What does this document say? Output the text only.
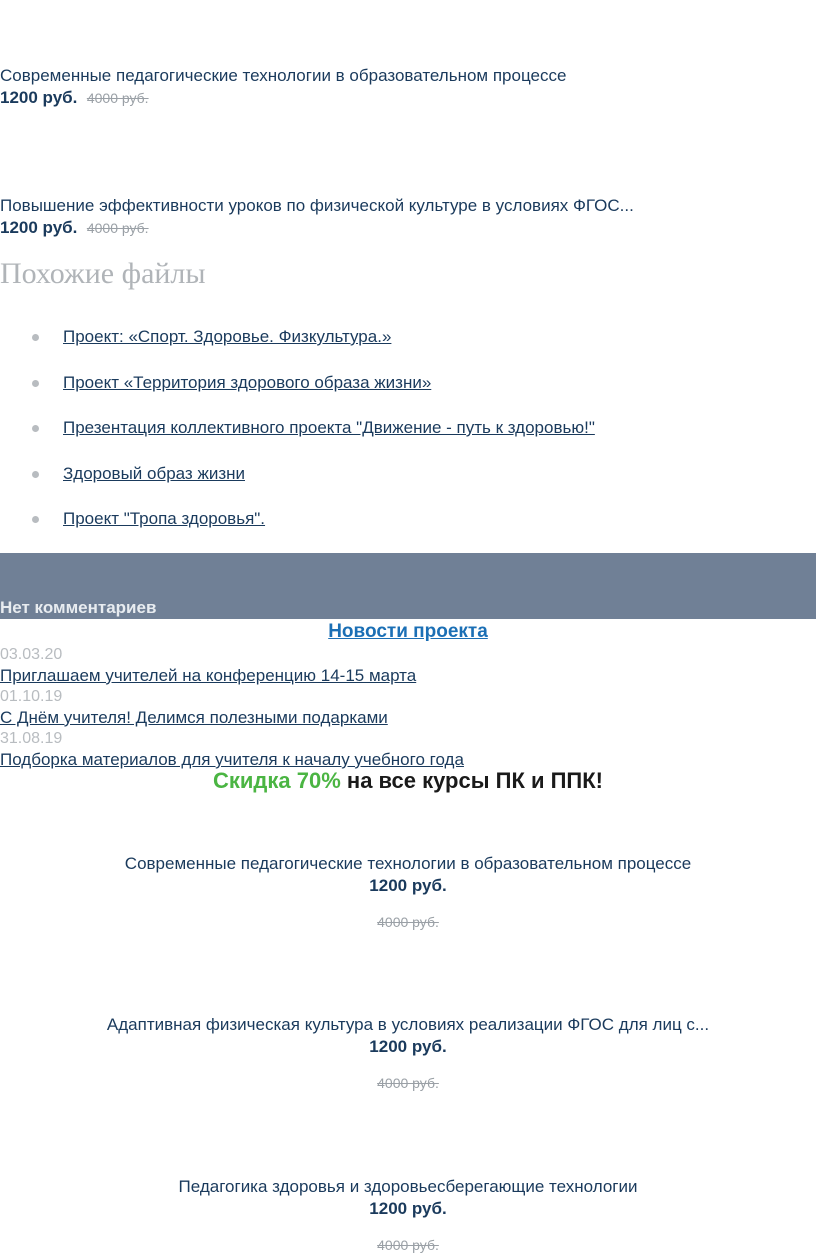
Современные педагогические технологии в образовательном процессе
1200 руб. 4000 руб.
Повышение эффективности уроков по физической культуре в условиях ФГОС...
1200 руб. 4000 руб.
Похожие файлы
Проект: «Спорт. Здоровье. Физкультура.»
Проект «Территория здорового образа жизни»
Презентация коллективного проекта "Движение - путь к здоровью!"
Здоровый образ жизни
Проект "Тропа здоровья".
Нет комментариев
Новости проекта
03.03.20
Приглашаем учителей на конференцию 14-15 марта
01.10.19
С Днём учителя! Делимся полезными подарками
31.08.19
Подборка материалов для учителя к началу учебного года
Скидка 70% на все курсы ПК и ППК!
Современные педагогические технологии в образовательном процессе
1200 руб.
4000 руб.
Адаптивная физическая культура в условиях реализации ФГОС для лиц с...
1200 руб.
4000 руб.
Педагогика здоровья и здоровьесберегающие технологии
1200 руб.
4000 руб.
